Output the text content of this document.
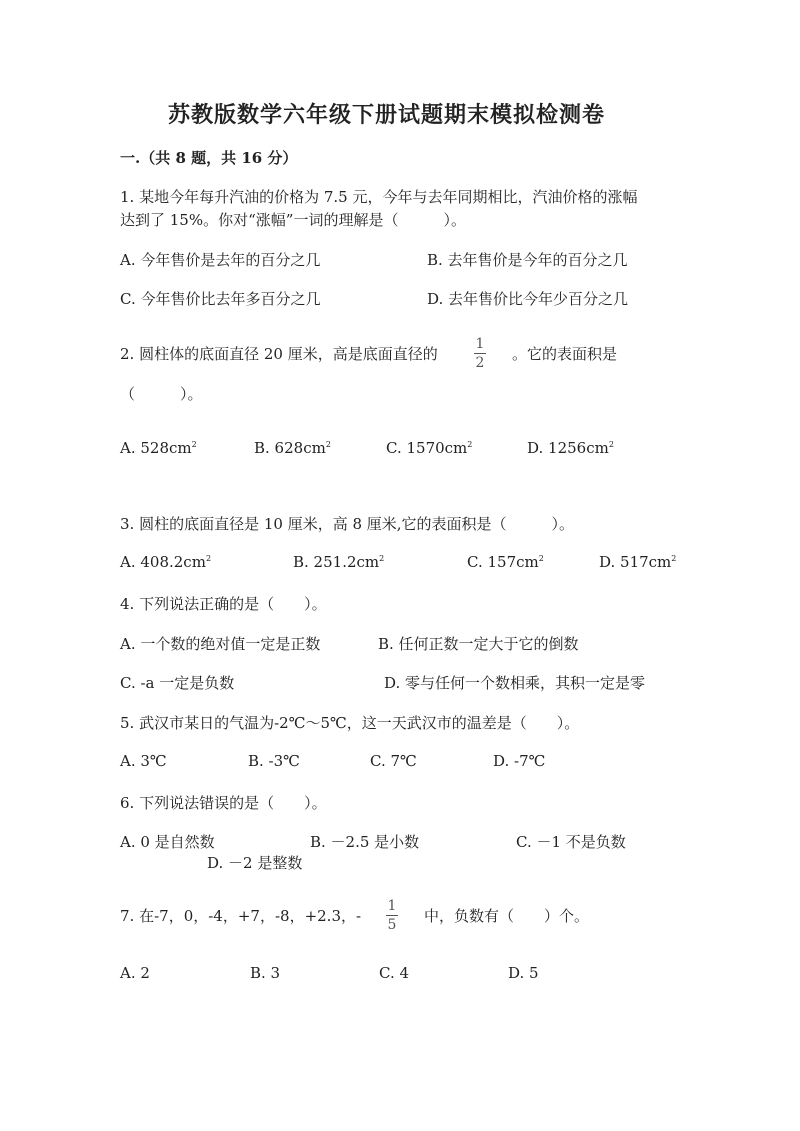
苏教版数学六年级下册试题期末模拟检测卷
一.（共 8 题，共 16 分）
1. 某地今年每升汽油的价格为 7.5 元，今年与去年同期相比，汽油价格的涨幅
达到了 15%。你对“涨幅”一词的理解是（　　　）。
A. 今年售价是去年的百分之几	B. 去年售价是今年的百分之几
C. 今年售价比去年多百分之几	D. 去年售价比今年少百分之几
2. 圆柱体的底面直径 20 厘米，高是底面直径的
1
2 。它的表面积是
（　　　）。
A. $528cm^2$	B. $628cm^2$	C. $1570cm^2$	D. $1256cm^2$
3. 圆柱的底面直径是 10 厘米，高 8 厘米,它的表面积是（　　　）。
A. $408.2cm^2$	B. $251.2cm^2$	C. $157cm^2$	D. $517cm^2$
4. 下列说法正确的是（　　）。
A. 一个数的绝对值一定是正数	B. 任何正数一定大于它的倒数
C. -a 一定是负数	D. 零与任何一个数相乘，其积一定是零
5. 武汉市某日的气温为-2℃～5℃，这一天武汉市的温差是（　　）。
A. 3℃	B. -3℃	C. 7℃	D. -7℃
6. 下列说法错误的是（　　）。
A. 0 是自然数	B. －2.5 是小数	C. －1 不是负数
D. －2 是整数
7. 在-7，0，-4，+7，-8，+2.3，-
1
5 中，负数有（　　）个。
A. 2	B. 3	C. 4	D. 5
